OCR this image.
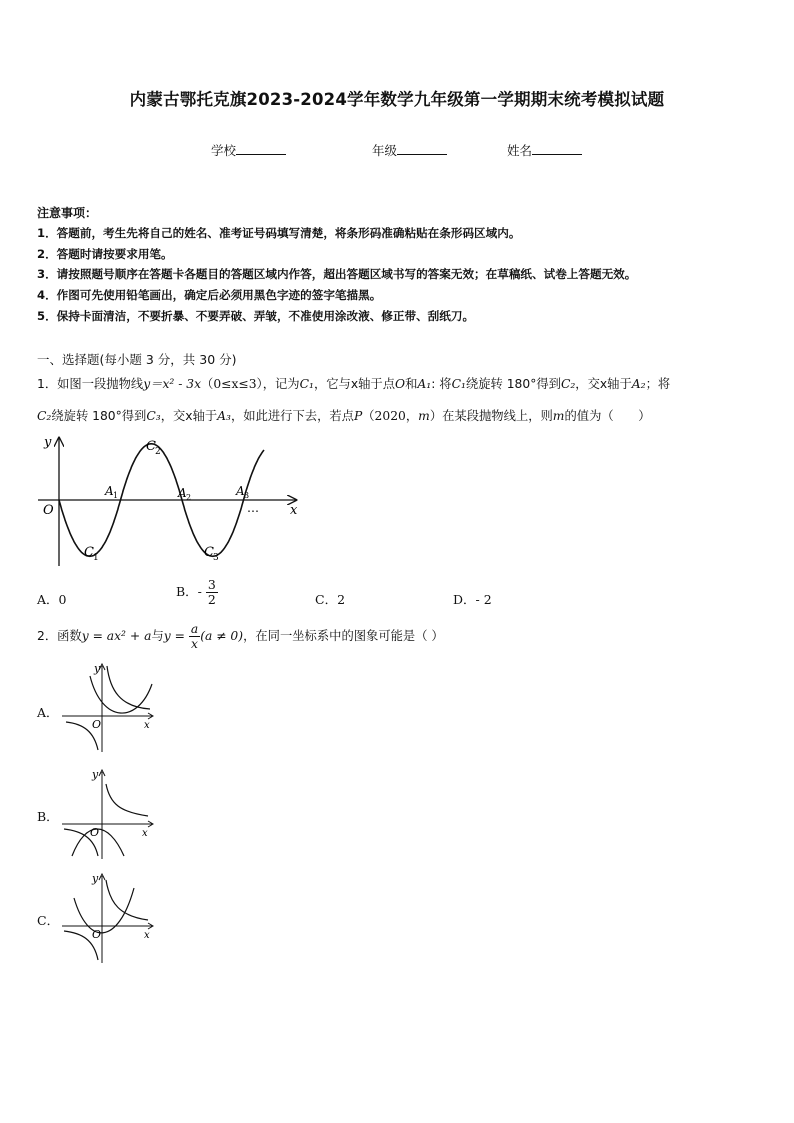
内蒙古鄂托克旗2023-2024学年数学九年级第一学期期末统考模拟试题
学校	年级	姓名
注意事项：
1．答题前，考生先将自己的姓名、准考证号码填写清楚，将条形码准确粘贴在条形码区域内。
2．答题时请按要求用笔。
3．请按照题号顺序在答题卡各题目的答题区域内作答，超出答题区域书写的答案无效；在草稿纸、试卷上答题无效。
4．作图可先使用铅笔画出，确定后必须用黑色字迹的签字笔描黑。
5．保持卡面清洁，不要折暴、不要弄破、弄皱，不准使用涂改液、修正带、刮纸刀。
一、选择题(每小题 3 分，共 30 分)
1．如图一段抛物线y＝x² - 3x（0≤x≤3），记为C₁，它与x轴于点O和A₁: 将C₁绕旋转 180°得到C₂，交x轴于A₂；将
C₂绕旋转 180°得到C₃，交x轴于A₃，如此进行下去，若点P（2020，m）在某段抛物线上，则m的值为（　　）
y
x
O	…
C 1
C 2
C 3
A 1	A 2	A 3
A．0
B．- $\frac{3}{2}$	C．2	D．- 2
2．函数y = ax² + a与$y = \frac{a}{x} (a \ne 0)$，在同一坐标系中的图象可能是（ ）
A．
y
x
O
B．
y
x
O
C．
y
x
O
